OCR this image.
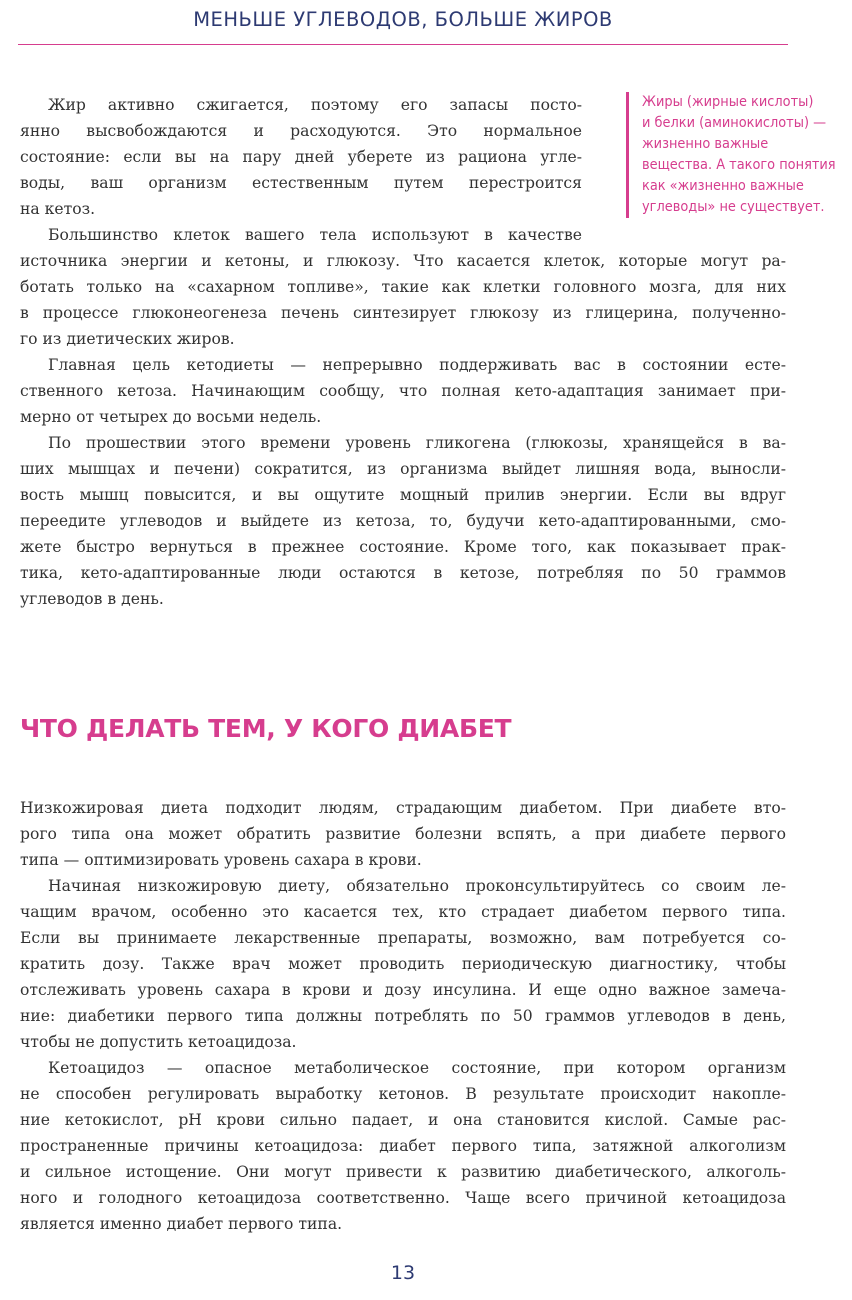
МЕНЬШЕ УГЛЕВОДОВ, БОЛЬШЕ ЖИРОВ
Жиры (жирные кислоты)
и белки (аминокислоты) —
жизненно важные
вещества. А такого понятия
как «жизненно важные
углеводы» не существует.

Жир активно сжигается, поэтому его запасы посто-
янно высвобождаются и расходуются. Это нормальное
состояние: если вы на пару дней уберете из рациона угле-
воды, ваш организм естественным путем перестроится
на кетоз.

Большинство клеток вашего тела используют в качестве
источника энергии и кетоны, и глюкозу. Что касается клеток, которые могут ра-
ботать только на «сахарном топливе», такие как клетки головного мозга, для них
в процессе глюконеогенеза печень синтезирует глюкозу из глицерина, полученно-
го из диетических жиров.

Главная цель кетодиеты — непрерывно поддерживать вас в состоянии есте-
ственного кетоза. Начинающим сообщу, что полная кето-адаптация занимает при-
мерно от четырех до восьми недель.

По прошествии этого времени уровень гликогена (глюкозы, хранящейся в ва-
ших мышцах и печени) сократится, из организма выйдет лишняя вода, выносли-
вость мышц повысится, и вы ощутите мощный прилив энергии. Если вы вдруг
переедите углеводов и выйдете из кетоза, то, будучи кето-адаптированными, смо-
жете быстро вернуться в прежнее состояние. Кроме того, как показывает прак-
тика, кето-адаптированные люди остаются в кетозе, потребляя по 50 граммов
углеводов в день.

ЧТО ДЕЛАТЬ ТЕМ, У КОГО ДИАБЕТ

Низкожировая диета подходит людям, страдающим диабетом. При диабете вто-
рого типа она может обратить развитие болезни вспять, а при диабете первого
типа — оптимизировать уровень сахара в крови.

Начиная низкожировую диету, обязательно проконсультируйтесь со своим ле-
чащим врачом, особенно это касается тех, кто страдает диабетом первого типа.
Если вы принимаете лекарственные препараты, возможно, вам потребуется со-
кратить дозу. Также врач может проводить периодическую диагностику, чтобы
отслеживать уровень сахара в крови и дозу инсулина. И еще одно важное замеча-
ние: диабетики первого типа должны потреблять по 50 граммов углеводов в день,
чтобы не допустить кетоацидоза.

Кетоацидоз — опасное метаболическое состояние, при котором организм
не способен регулировать выработку кетонов. В результате происходит накопле-
ние кетокислот, pH крови сильно падает, и она становится кислой. Самые рас-
пространенные причины кетоацидоза: диабет первого типа, затяжной алкоголизм
и сильное истощение. Они могут привести к развитию диабетического, алкоголь-
ного и голодного кетоацидоза соответственно. Чаще всего причиной кетоацидоза
является именно диабет первого типа.

13
